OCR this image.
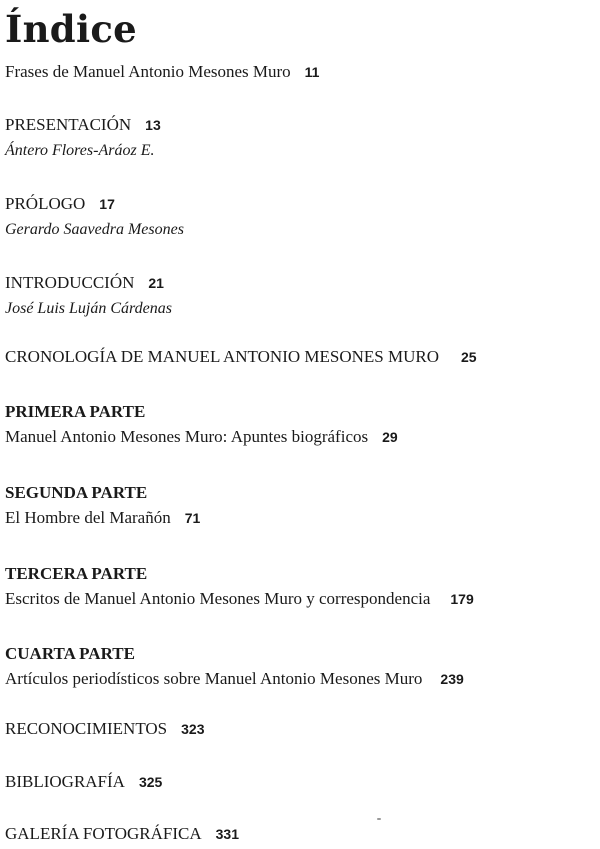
Índice
Frases de Manuel Antonio Mesones Muro 11
PRESENTACIÓN 13
Ántero Flores-Aráoz E.
PRÓLOGO 17
Gerardo Saavedra Mesones
INTRODUCCIÓN 21
José Luis Luján Cárdenas
CRONOLOGÍA DE MANUEL ANTONIO MESONES MURO 25
PRIMERA PARTE
Manuel Antonio Mesones Muro: Apuntes biográficos 29
SEGUNDA PARTE
El Hombre del Marañón 71
TERCERA PARTE
Escritos de Manuel Antonio Mesones Muro y correspondencia 179
CUARTA PARTE
Artículos periodísticos sobre Manuel Antonio Mesones Muro 239
RECONOCIMIENTOS 323
BIBLIOGRAFÍA 325
GALERÍA FOTOGRÁFICA 331
